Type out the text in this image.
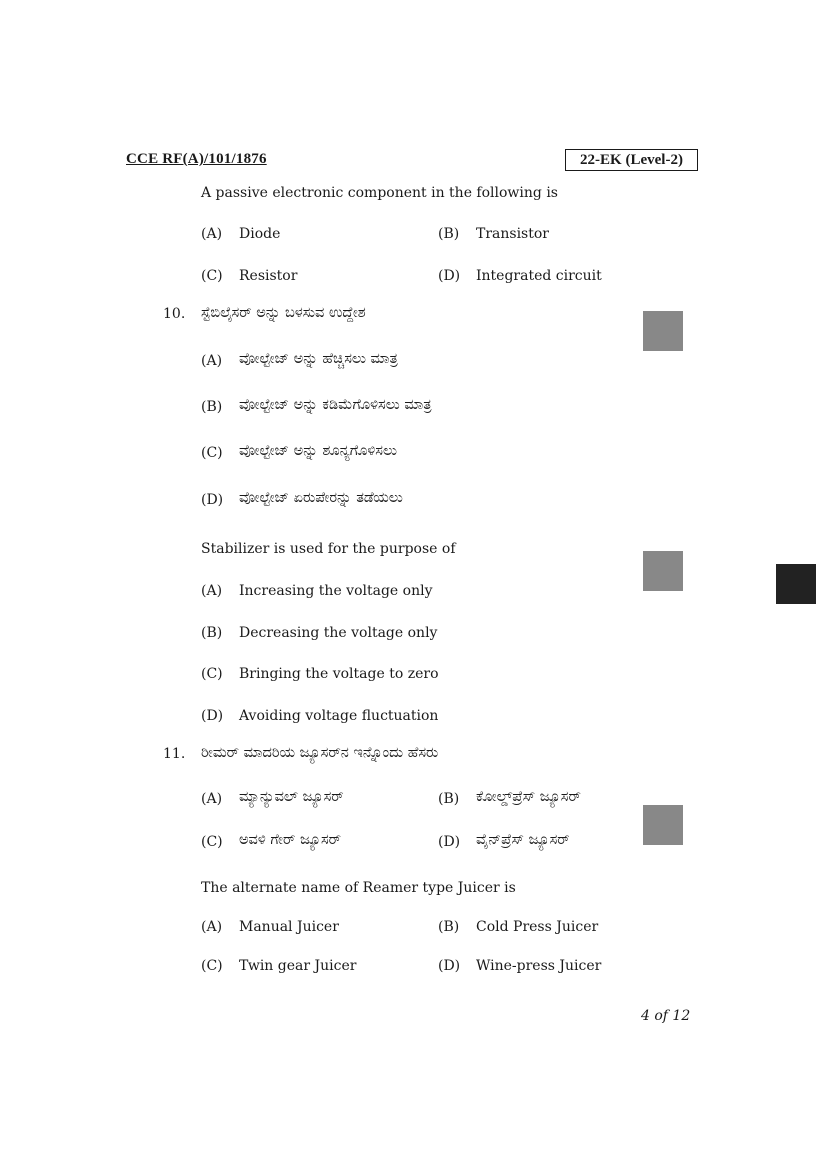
CCE RF(A)/101/1876	22-EK (Level-2)
A passive electronic component in the following is
(A) Diode	(B) Transistor
(C) Resistor	(D) Integrated circuit
10. ಸ್ಟೆಬಿಲೈಸರ್ ಅನ್ನು ಬಳಸುವ ಉದ್ದೇಶ
(A) ವೋಲ್ಟೇಜ್ ಅನ್ನು ಹೆಚ್ಚಿಸಲು ಮಾತ್ರ
(B) ವೋಲ್ಟೇಜ್ ಅನ್ನು ಕಡಿಮೆಗೊಳಿಸಲು ಮಾತ್ರ
(C) ವೋಲ್ಟೇಜ್ ಅನ್ನು ಶೂನ್ಯಗೊಳಿಸಲು
(D) ವೋಲ್ಟೇಜ್ ಏರುಪೇರನ್ನು ತಡೆಯಲು
Stabilizer is used for the purpose of
(A) Increasing the voltage only
(B) Decreasing the voltage only
(C) Bringing the voltage to zero
(D) Avoiding voltage fluctuation
11. ರೀಮರ್ ಮಾದರಿಯ ಜ್ಯೂಸರ್‌ನ ಇನ್ನೊಂದು ಹೆಸರು
(A) ಮ್ಯಾನ್ಯುವಲ್ ಜ್ಯೂಸರ್	(B) ಕೋಲ್ಡ್‌ಪ್ರೆಸ್ ಜ್ಯೂಸರ್
(C) ಅವಳಿ ಗೇರ್ ಜ್ಯೂಸರ್	(D) ವೈನ್‌ಪ್ರೆಸ್ ಜ್ಯೂಸರ್
The alternate name of Reamer type Juicer is
(A) Manual Juicer	(B) Cold Press Juicer
(C) Twin gear Juicer	(D) Wine-press Juicer
4 of 12
